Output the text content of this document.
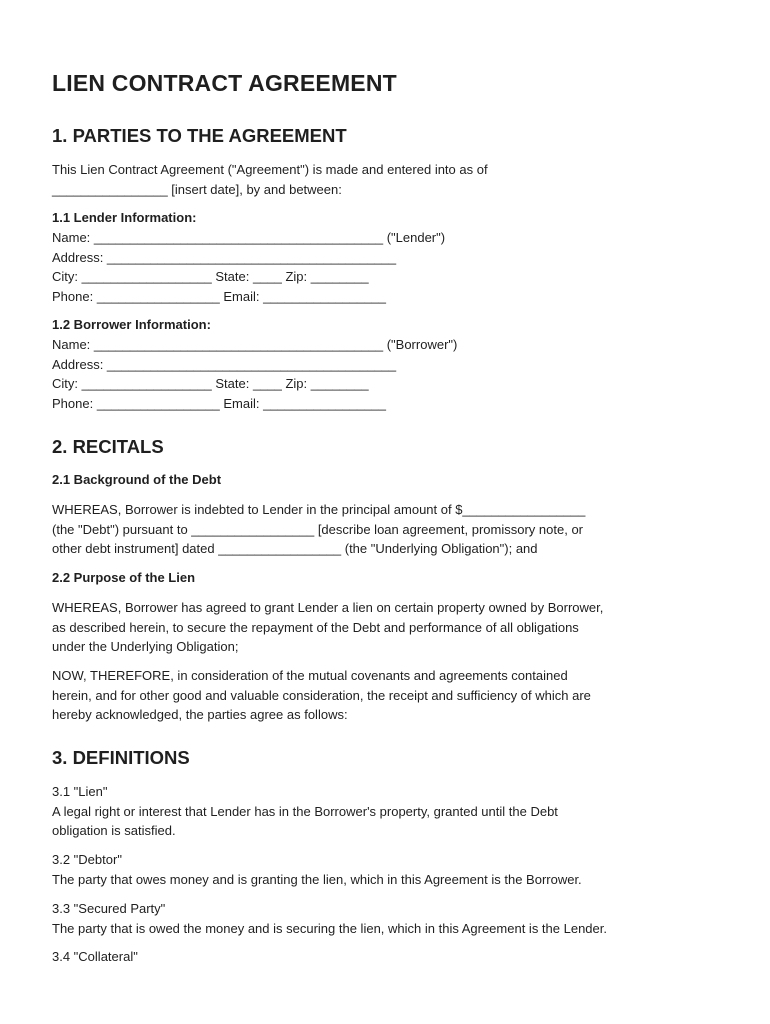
LIEN CONTRACT AGREEMENT
1. PARTIES TO THE AGREEMENT
This Lien Contract Agreement ("Agreement") is made and entered into as of
________________ [insert date], by and between:
1.1 Lender Information:
Name: ________________________________________ ("Lender")
Address: ________________________________________
City: __________________ State: ____ Zip: ________
Phone: _________________ Email: _________________
1.2 Borrower Information:
Name: ________________________________________ ("Borrower")
Address: ________________________________________
City: __________________ State: ____ Zip: ________
Phone: _________________ Email: _________________
2. RECITALS
2.1 Background of the Debt
WHEREAS, Borrower is indebted to Lender in the principal amount of $_________________
(the "Debt") pursuant to _________________ [describe loan agreement, promissory note, or
other debt instrument] dated _________________ (the "Underlying Obligation"); and
2.2 Purpose of the Lien
WHEREAS, Borrower has agreed to grant Lender a lien on certain property owned by Borrower,
as described herein, to secure the repayment of the Debt and performance of all obligations
under the Underlying Obligation;
NOW, THEREFORE, in consideration of the mutual covenants and agreements contained
herein, and for other good and valuable consideration, the receipt and sufficiency of which are
hereby acknowledged, the parties agree as follows:
3. DEFINITIONS
3.1 "Lien"
A legal right or interest that Lender has in the Borrower's property, granted until the Debt
obligation is satisfied.
3.2 "Debtor"
The party that owes money and is granting the lien, which in this Agreement is the Borrower.
3.3 "Secured Party"
The party that is owed the money and is securing the lien, which in this Agreement is the Lender.
3.4 "Collateral"
